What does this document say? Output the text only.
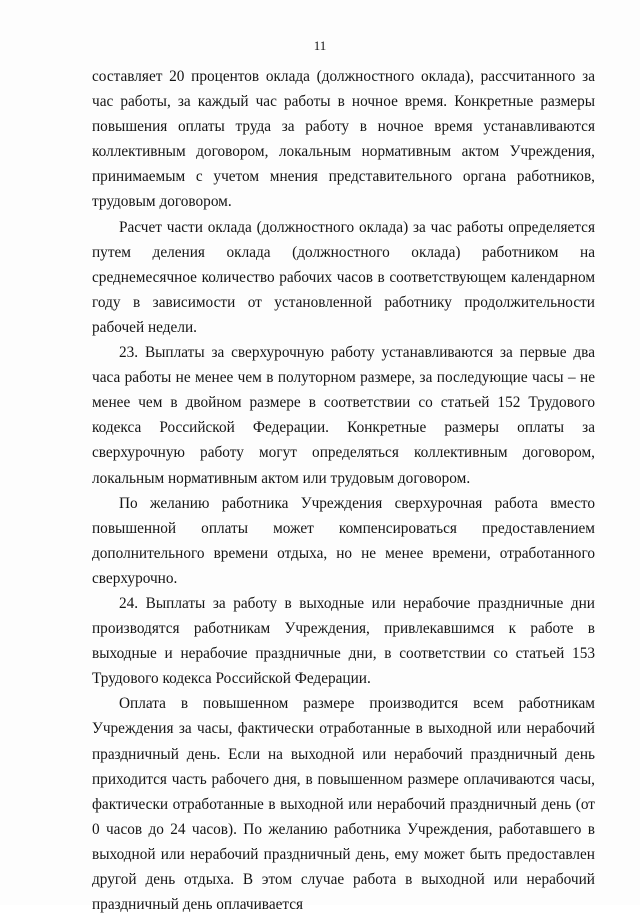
11

составляет 20 процентов оклада (должностного оклада), рассчитанного за час работы, за каждый час работы в ночное время. Конкретные размеры повышения оплаты труда за работу в ночное время устанавливаются коллективным договором, локальным нормативным актом Учреждения, принимаемым с учетом мнения представительного органа работников, трудовым договором.

Расчет части оклада (должностного оклада) за час работы определяется путем деления оклада (должностного оклада) работником на среднемесячное количество рабочих часов в соответствующем календарном году в зависимости от установленной работнику продолжительности рабочей недели.

23. Выплаты за сверхурочную работу устанавливаются за первые два часа работы не менее чем в полуторном размере, за последующие часы – не менее чем в двойном размере в соответствии со статьей 152 Трудового кодекса Российской Федерации. Конкретные размеры оплаты за сверхурочную работу могут определяться коллективным договором, локальным нормативным актом или трудовым договором.

По желанию работника Учреждения сверхурочная работа вместо повышенной оплаты может компенсироваться предоставлением дополнительного времени отдыха, но не менее времени, отработанного сверхурочно.

24. Выплаты за работу в выходные или нерабочие праздничные дни производятся работникам Учреждения, привлекавшимся к работе в выходные и нерабочие праздничные дни, в соответствии со статьей 153 Трудового кодекса Российской Федерации.

Оплата в повышенном размере производится всем работникам Учреждения за часы, фактически отработанные в выходной или нерабочий праздничный день. Если на выходной или нерабочий праздничный день приходится часть рабочего дня, в повышенном размере оплачиваются часы, фактически отработанные в выходной или нерабочий праздничный день (от 0 часов до 24 часов). По желанию работника Учреждения, работавшего в выходной или нерабочий праздничный день, ему может быть предоставлен другой день отдыха. В этом случае работа в выходной или нерабочий праздничный день оплачивается
